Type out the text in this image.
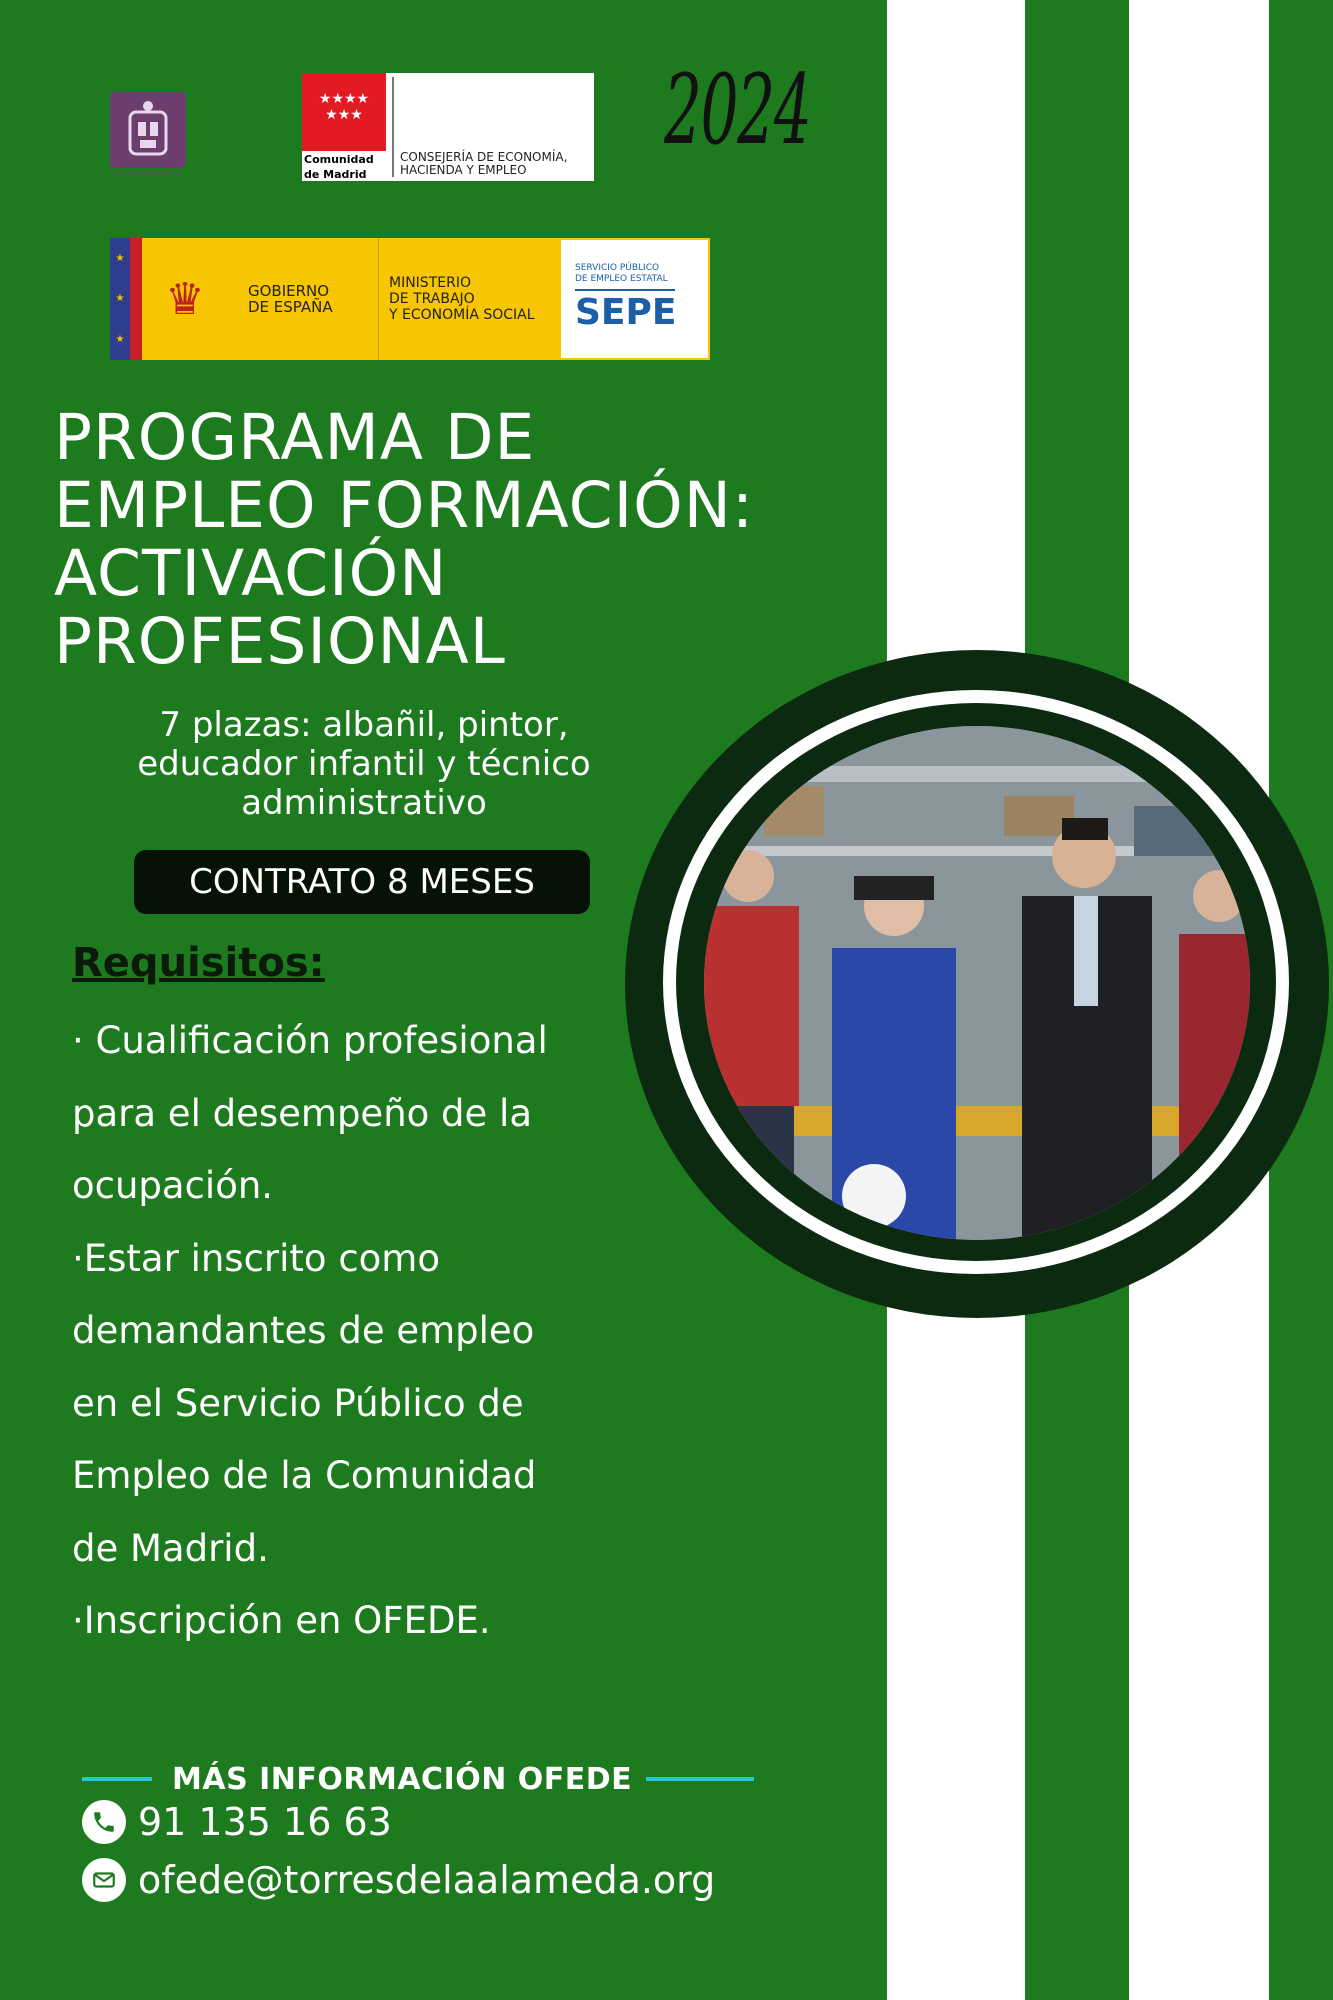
AYUNTAMIENTO
★★★★ ★★★
Comunidad
de Madrid
CONSEJERÍA DE ECONOMÍA,
HACIENDA Y EMPLEO
2024
★
★
★
♛	GOBIERNO
DE ESPAÑA
MINISTERIO
DE TRABAJO
Y ECONOMÍA SOCIAL
SERVICIO PÚBLICO
DE EMPLEO ESTATAL
SEPE
PROGRAMA DE
EMPLEO FORMACIÓN:
ACTIVACIÓN
PROFESIONAL
7 plazas: albañil, pintor,
educador infantil y técnico
administrativo
CONTRATO 8 MESES
Requisitos:
· Cualificación profesional
para el desempeño de la
ocupación.
·Estar inscrito como
demandantes de empleo
en el Servicio Público de
Empleo de la Comunidad
de Madrid.
·Inscripción en OFEDE.
MÁS INFORMACIÓN OFEDE
91 135 16 63
ofede@torresdelaalameda.org
